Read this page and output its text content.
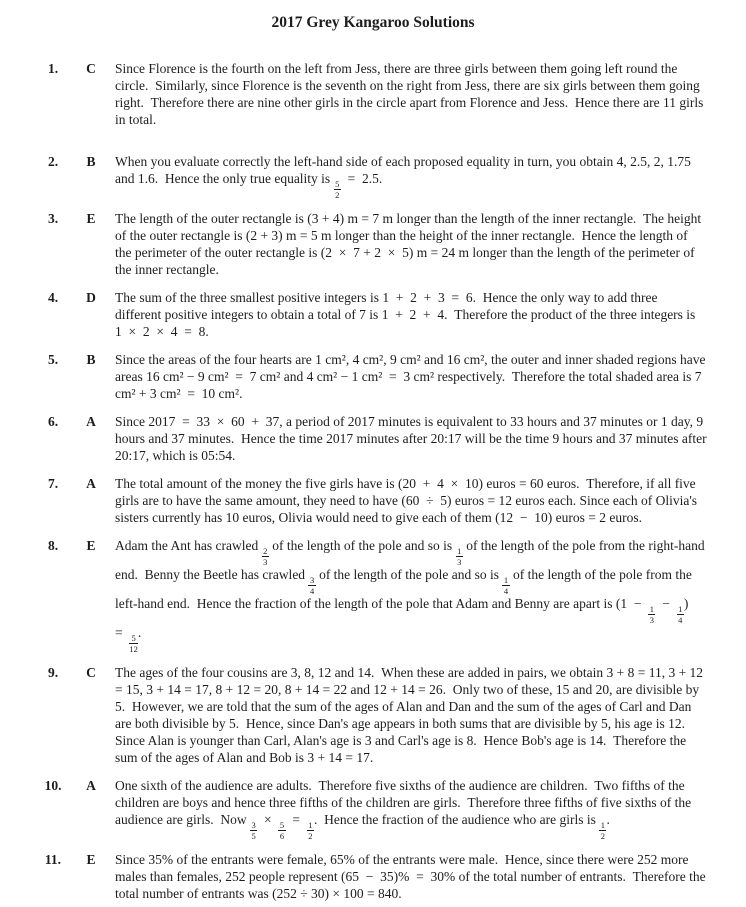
2017 Grey Kangaroo Solutions
1.	C	Since Florence is the fourth on the left from Jess, there are three girls between them going left round the circle. Similarly, since Florence is the seventh on the right from Jess, there are six girls between them going right. Therefore there are nine other girls in the circle apart from Florence and Jess. Hence there are 11 girls in total.
2.	B	When you evaluate correctly the left-hand side of each proposed equality in turn, you obtain 4, 2.5, 2, 1.75 and 1.6. Hence the only true equality is
$\frac{5}{2}$
 = 2.5.
3.	E	The length of the outer rectangle is (3 + 4) m = 7 m longer than the length of the inner rectangle. The height of the outer rectangle is (2 + 3) m = 5 m longer than the height of the inner rectangle. Hence the length of the perimeter of the outer rectangle is (2 × 7 + 2 × 5) m = 24 m longer than the length of the perimeter of the inner rectangle.
4.	D	The sum of the three smallest positive integers is 1 + 2 + 3 = 6. Hence the only way to add three different positive integers to obtain a total of 7 is 1 + 2 + 4. Therefore the product of the three integers is 1 × 2 × 4 = 8.
5.	B	Since the areas of the four hearts are 1 cm², 4 cm², 9 cm² and 16 cm², the outer and inner shaded regions have areas 16 cm² − 9 cm² = 7 cm² and 4 cm² − 1 cm² = 3 cm² respectively. Therefore the total shaded area is 7 cm² + 3 cm² = 10 cm².
6.	A	Since 2017 = 33 × 60 + 37, a period of 2017 minutes is equivalent to 33 hours and 37 minutes or 1 day, 9 hours and 37 minutes. Hence the time 2017 minutes after 20:17 will be the time 9 hours and 37 minutes after 20:17, which is 05:54.
7.	A	The total amount of the money the five girls have is (20 + 4 × 10) euros = 60 euros. Therefore, if all five girls are to have the same amount, they need to have (60 ÷ 5) euros = 12 euros each. Since each of Olivia's sisters currently has 10 euros, Olivia would need to give each of them (12 − 10) euros = 2 euros.
8.	E	Adam the Ant has crawled
$\frac{2}{3}$
of the length of the pole and so is
$\frac{1}{3}$
of the length of the pole from the right-hand end. Benny the Beetle has crawled
$\frac{3}{4}$
of the length of the pole and so is
$\frac{1}{4}$
of the length of the pole from the left-hand end. Hence the fraction of the length of the pole that Adam and Benny are apart is (1 − 
$\frac{1}{3}$
 − 
$\frac{1}{4}$
) = 
$\frac{5}{12}$
.
9.	C	The ages of the four cousins are 3, 8, 12 and 14. When these are added in pairs, we obtain 3 + 8 = 11, 3 + 12 = 15, 3 + 14 = 17, 8 + 12 = 20, 8 + 14 = 22 and 12 + 14 = 26. Only two of these, 15 and 20, are divisible by 5. However, we are told that the sum of the ages of Alan and Dan and the sum of the ages of Carl and Dan are both divisible by 5. Hence, since Dan's age appears in both sums that are divisible by 5, his age is 12.  Since Alan is younger than Carl, Alan's age is 3 and Carl's age is 8. Hence Bob's age is 14. Therefore the sum of the ages of Alan and Bob is 3 + 14 = 17.
10.	A	One sixth of the audience are adults. Therefore five sixths of the audience are children. Two fifths of the children are boys and hence three fifths of the children are girls. Therefore three fifths of five sixths of the audience are girls. Now
$\frac{3}{5}$
 × 
$\frac{5}{6}$
 = 
$\frac{1}{2}$
. Hence the fraction of the audience who are girls is
$\frac{1}{2}$
.
11.	E	Since 35% of the entrants were female, 65% of the entrants were male. Hence, since there were 252 more males than females, 252 people represent (65 − 35)% = 30% of the total number of entrants. Therefore the total number of entrants was (252 ÷ 30) × 100 = 840.
